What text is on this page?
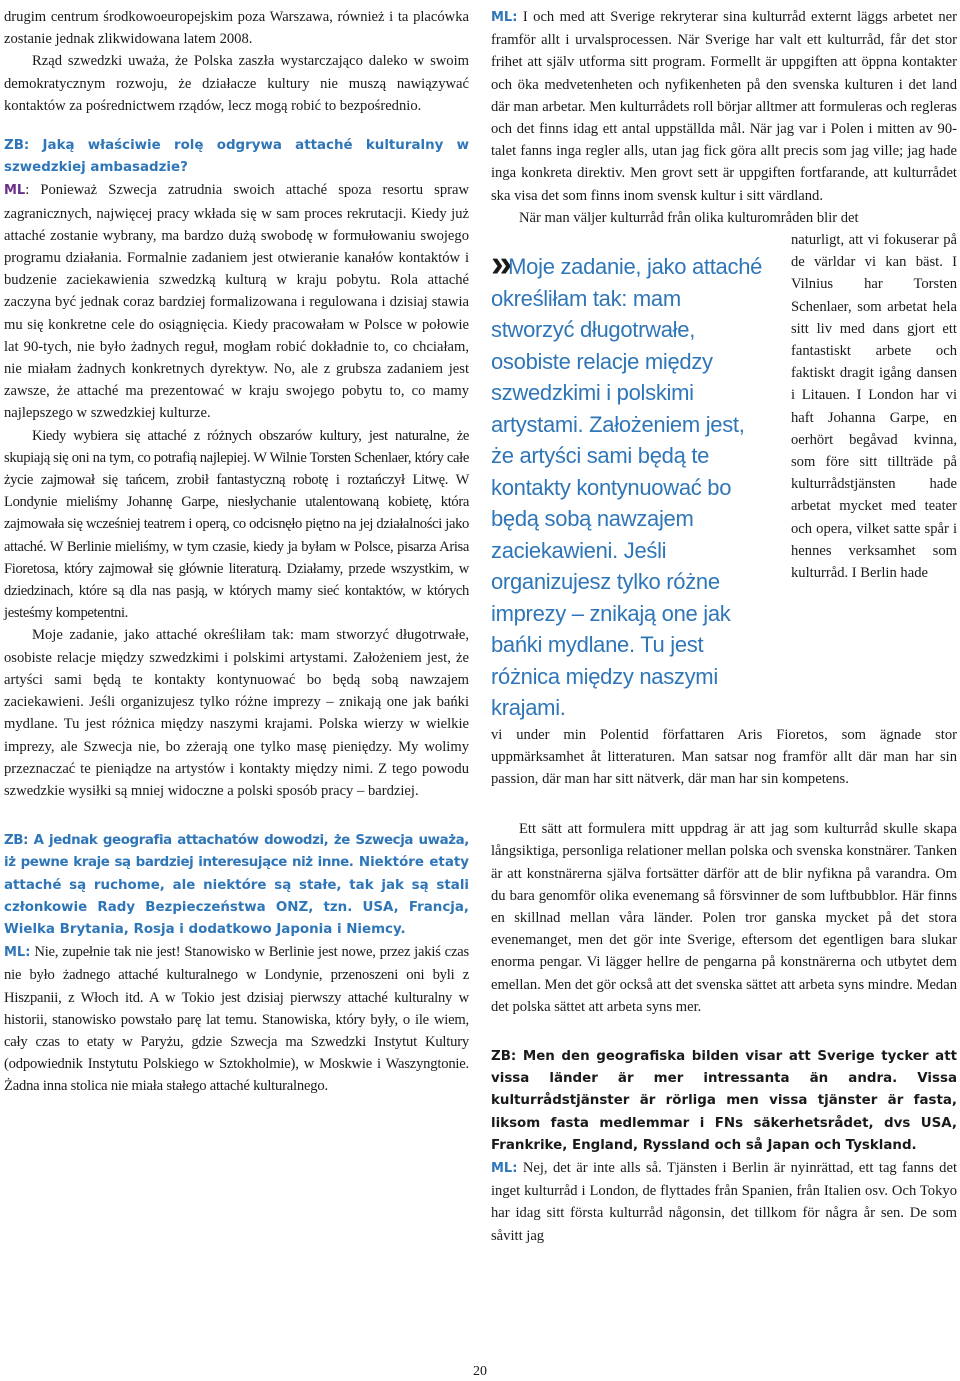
drugim centrum środkowoeuropejskim poza Warszawa, również i ta placówka zostanie jednak zlikwidowana latem 2008.

Rząd szwedzki uważa, że Polska zaszła wystarczająco daleko w swoim demokratycznym rozwoju, że działacze kultury nie muszą nawiązywać kontaktów za pośrednictwem rządów, lecz mogą robić to bezpośrednio.

ZB: Jaką właściwie rolę odgrywa attaché kulturalny w szwedzkiej ambasadzie?

ML: Ponieważ Szwecja zatrudnia swoich attaché spoza resortu spraw zagranicznych, najwięcej pracy wkłada się w sam proces rekrutacji. Kiedy już attaché zostanie wybrany, ma bardzo dużą swobodę w formułowaniu swojego programu działania. Formalnie zadaniem jest otwieranie kanałów kontaktów i budzenie zaciekawienia szwedzką kulturą w kraju pobytu. Rola attaché zaczyna być jednak coraz bardziej formalizowana i regulowana i dzisiaj stawia mu się konkretne cele do osiągnięcia. Kiedy pracowałam w Polsce w połowie lat 90-tych, nie było żadnych reguł, mogłam robić dokładnie to, co chciałam, nie miałam żadnych konkretnych dyrektyw. No, ale z grubsza zadaniem jest zawsze, że attaché ma prezentować w kraju swojego pobytu to, co mamy najlepszego w szwedzkiej kulturze.

Kiedy wybiera się attaché z różnych obszarów kultury, jest naturalne, że skupiają się oni na tym, co potrafią najlepiej. W Wilnie Torsten Schenlaer, który całe życie zajmował się tańcem, zrobił fantastyczną robotę i roztańczył Litwę. W Londynie mieliśmy Johannę Garpe, niesłychanie utalentowaną kobietę, która zajmowała się wcześniej teatrem i operą, co odcisnęło piętno na jej działalności jako attaché. W Berlinie mieliśmy, w tym czasie, kiedy ja byłam w Polsce, pisarza Arisa Fioretosa, który zajmował się głównie literaturą. Działamy, przede wszystkim, w dziedzinach, które są dla nas pasją, w których mamy sieć kontaktów, w których jesteśmy kompetentni.

Moje zadanie, jako attaché określiłam tak: mam stworzyć długotrwałe, osobiste relacje między szwedzkimi i polskimi artystami. Założeniem jest, że artyści sami będą te kontakty kontynuować bo będą sobą nawzajem zaciekawieni. Jeśli organizujesz tylko różne imprezy – znikają one jak bańki mydlane. Tu jest różnica między naszymi krajami. Polska wierzy w wielkie imprezy, ale Szwecja nie, bo zżerają one tylko masę pieniędzy. My wolimy przeznaczać te pieniądze na artystów i kontakty między nimi. Z tego powodu szwedzkie wysiłki są mniej widoczne a polski sposób pracy – bardziej.

ZB: A jednak geografia attachatów dowodzi, że Szwecja uważa, iż pewne kraje są bardziej interesujące niż inne. Niektóre etaty attaché są ruchome, ale niektóre są stałe, tak jak są stali członkowie Rady Bezpieczeństwa ONZ, tzn. USA, Francja, Wielka Brytania, Rosja i dodatkowo Japonia i Niemcy.

ML: Nie, zupełnie tak nie jest! Stanowisko w Berlinie jest nowe, przez jakiś czas nie było żadnego attaché kulturalnego w Londynie, przenoszeni oni byli z Hiszpanii, z Włoch itd. A w Tokio jest dzisiaj pierwszy attaché kulturalny w historii, stanowisko powstało parę lat temu. Stanowiska, który były, o ile wiem, cały czas to etaty w Paryżu, gdzie Szwecja ma Szwedzki Instytut Kultury (odpowiednik Instytutu Polskiego w Sztokholmie), w Moskwie i Waszyngtonie. Żadna inna stolica nie miała stałego attaché kulturalnego.

ML: I och med att Sverige rekryterar sina kulturråd externt läggs arbetet ner framför allt i urvalsprocessen. När Sverige har valt ett kulturråd, får det stor frihet att själv utforma sitt program. Formellt är uppgiften att öppna kontakter och öka medvetenheten och nyfikenheten på den svenska kulturen i det land där man arbetar. Men kulturrådets roll börjar alltmer att formuleras och regleras och det finns idag ett antal uppställda mål. När jag var i Polen i mitten av 90-talet fanns inga regler alls, utan jag fick göra allt precis som jag ville; jag hade inga konkreta direktiv. Men grovt sett är uppgiften fortfarande, att kulturrådet ska visa det som finns inom svensk kultur i sitt värdland.

När man väljer kulturråd från olika kulturområden blir det

» Moje zadanie, jako attaché określiłam tak: mam stworzyć długotrwałe, osobiste relacje między szwedzkimi i polskimi artystami. Założeniem jest, że artyści sami będą te kontakty kontynuować bo będą sobą nawzajem zaciekawieni. Jeśli organizujesz tylko różne imprezy – znikają one jak bańki mydlane. Tu jest różnica między naszymi krajami.

naturligt, att vi fokuserar på de världar vi kan bäst. I Vilnius har Torsten Schenlaer, som arbetat hela sitt liv med dans gjort ett fantastiskt arbete och faktiskt dragit igång dansen i Litauen. I London har vi haft Johanna Garpe, en oerhört begåvad kvinna, som före sitt tillträde på kulturrådstjänsten hade arbetat mycket med teater och opera, vilket satte spår i hennes verksamhet som kulturråd. I Berlin hade

vi under min Polentid författaren Aris Fioretos, som ägnade stor uppmärksamhet åt litteraturen. Man satsar nog framför allt där man har sin passion, där man har sitt nätverk, där man har sin kompetens.

Ett sätt att formulera mitt uppdrag är att jag som kulturråd skulle skapa långsiktiga, personliga relationer mellan polska och svenska konstnärer. Tanken är att konstnärerna själva fortsätter därför att de blir nyfikna på varandra. Om du bara genomför olika evenemang så försvinner de som luftbubblor. Här finns en skillnad mellan våra länder. Polen tror ganska mycket på det stora evenemanget, men det gör inte Sverige, eftersom det egentligen bara slukar enorma pengar. Vi lägger hellre de pengarna på konstnärerna och utbytet dem emellan. Men det gör också att det svenska sättet att arbeta syns mindre. Medan det polska sättet att arbeta syns mer.

ZB: Men den geografiska bilden visar att Sverige tycker att vissa länder är mer intressanta än andra. Vissa kulturrådstjänster är rörliga men vissa tjänster är fasta, liksom fasta medlemmar i FNs säkerhetsrådet, dvs USA, Frankrike, England, Ryssland och så Japan och Tyskland.

ML: Nej, det är inte alls så. Tjänsten i Berlin är nyinrättad, ett tag fanns det inget kulturråd i London, de flyttades från Spanien, från Italien osv. Och Tokyo har idag sitt första kulturråd någonsin, det tillkom för några år sen. De som såvitt jag

20
